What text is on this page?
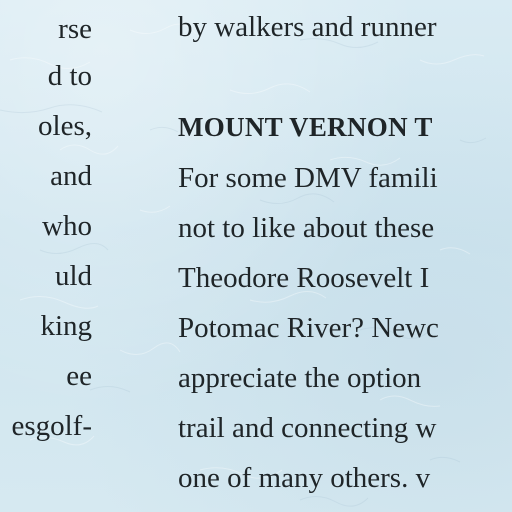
rse
d to
oles,
and
who
uld
king
ee
esgolf-
by walkers and runner
MOUNT VERNON T
For some DMV famili
not to like about these
Theodore Roosevelt I
Potomac River? Newc
appreciate the option
trail and connecting w
one of many others. v
